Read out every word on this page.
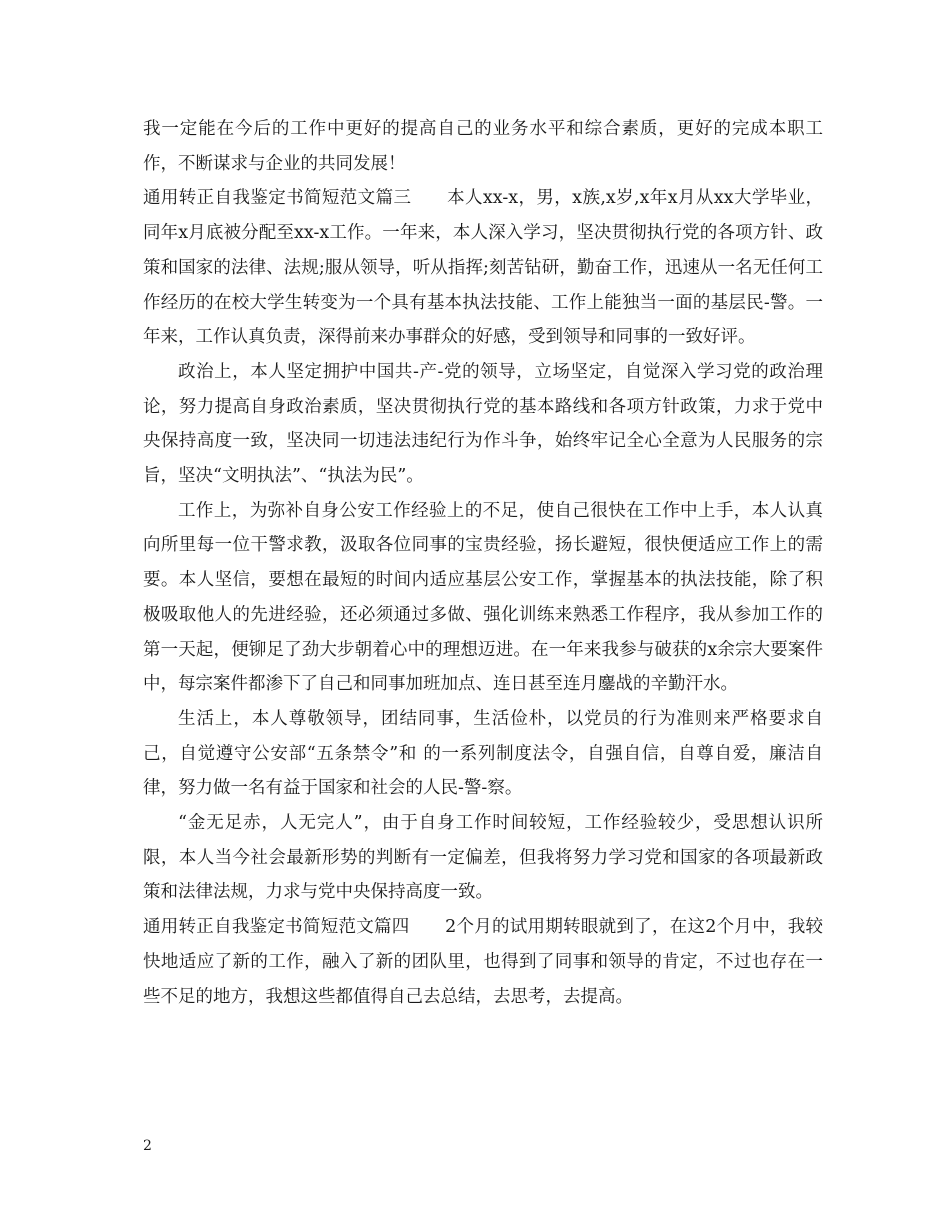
我一定能在今后的工作中更好的提高自己的业务水平和综合素质，更好的完成本职工作，不断谋求与企业的共同发展！

通用转正自我鉴定书简短范文篇三　　本人xx-x，男，x族,x岁,x年x月从xx大学毕业，同年x月底被分配至xx-x工作。一年来，本人深入学习，坚决贯彻执行党的各项方针、政策和国家的法律、法规;服从领导，听从指挥;刻苦钻研，勤奋工作，迅速从一名无任何工作经历的在校大学生转变为一个具有基本执法技能、工作上能独当一面的基层民-警。一年来，工作认真负责，深得前来办事群众的好感，受到领导和同事的一致好评。

政治上，本人坚定拥护中国共-产-党的领导，立场坚定，自觉深入学习党的政治理论，努力提高自身政治素质，坚决贯彻执行党的基本路线和各项方针政策，力求于党中央保持高度一致，坚决同一切违法违纪行为作斗争，始终牢记全心全意为人民服务的宗旨，坚决“文明执法”、“执法为民”。

工作上，为弥补自身公安工作经验上的不足，使自己很快在工作中上手，本人认真向所里每一位干警求教，汲取各位同事的宝贵经验，扬长避短，很快便适应工作上的需要。本人坚信，要想在最短的时间内适应基层公安工作，掌握基本的执法技能，除了积极吸取他人的先进经验，还必须通过多做、强化训练来熟悉工作程序，我从参加工作的第一天起，便铆足了劲大步朝着心中的理想迈进。在一年来我参与破获的x余宗大要案件中，每宗案件都渗下了自己和同事加班加点、连日甚至连月鏖战的辛勤汗水。

生活上，本人尊敬领导，团结同事，生活俭朴，以党员的行为准则来严格要求自己，自觉遵守公安部“五条禁令”和 的一系列制度法令，自强自信，自尊自爱，廉洁自律，努力做一名有益于国家和社会的人民-警-察。

“金无足赤，人无完人”，由于自身工作时间较短，工作经验较少，受思想认识所限，本人当今社会最新形势的判断有一定偏差，但我将努力学习党和国家的各项最新政策和法律法规，力求与党中央保持高度一致。

通用转正自我鉴定书简短范文篇四　　2个月的试用期转眼就到了，在这2个月中，我较快地适应了新的工作，融入了新的团队里，也得到了同事和领导的肯定，不过也存在一些不足的地方，我想这些都值得自己去总结，去思考，去提高。

2
